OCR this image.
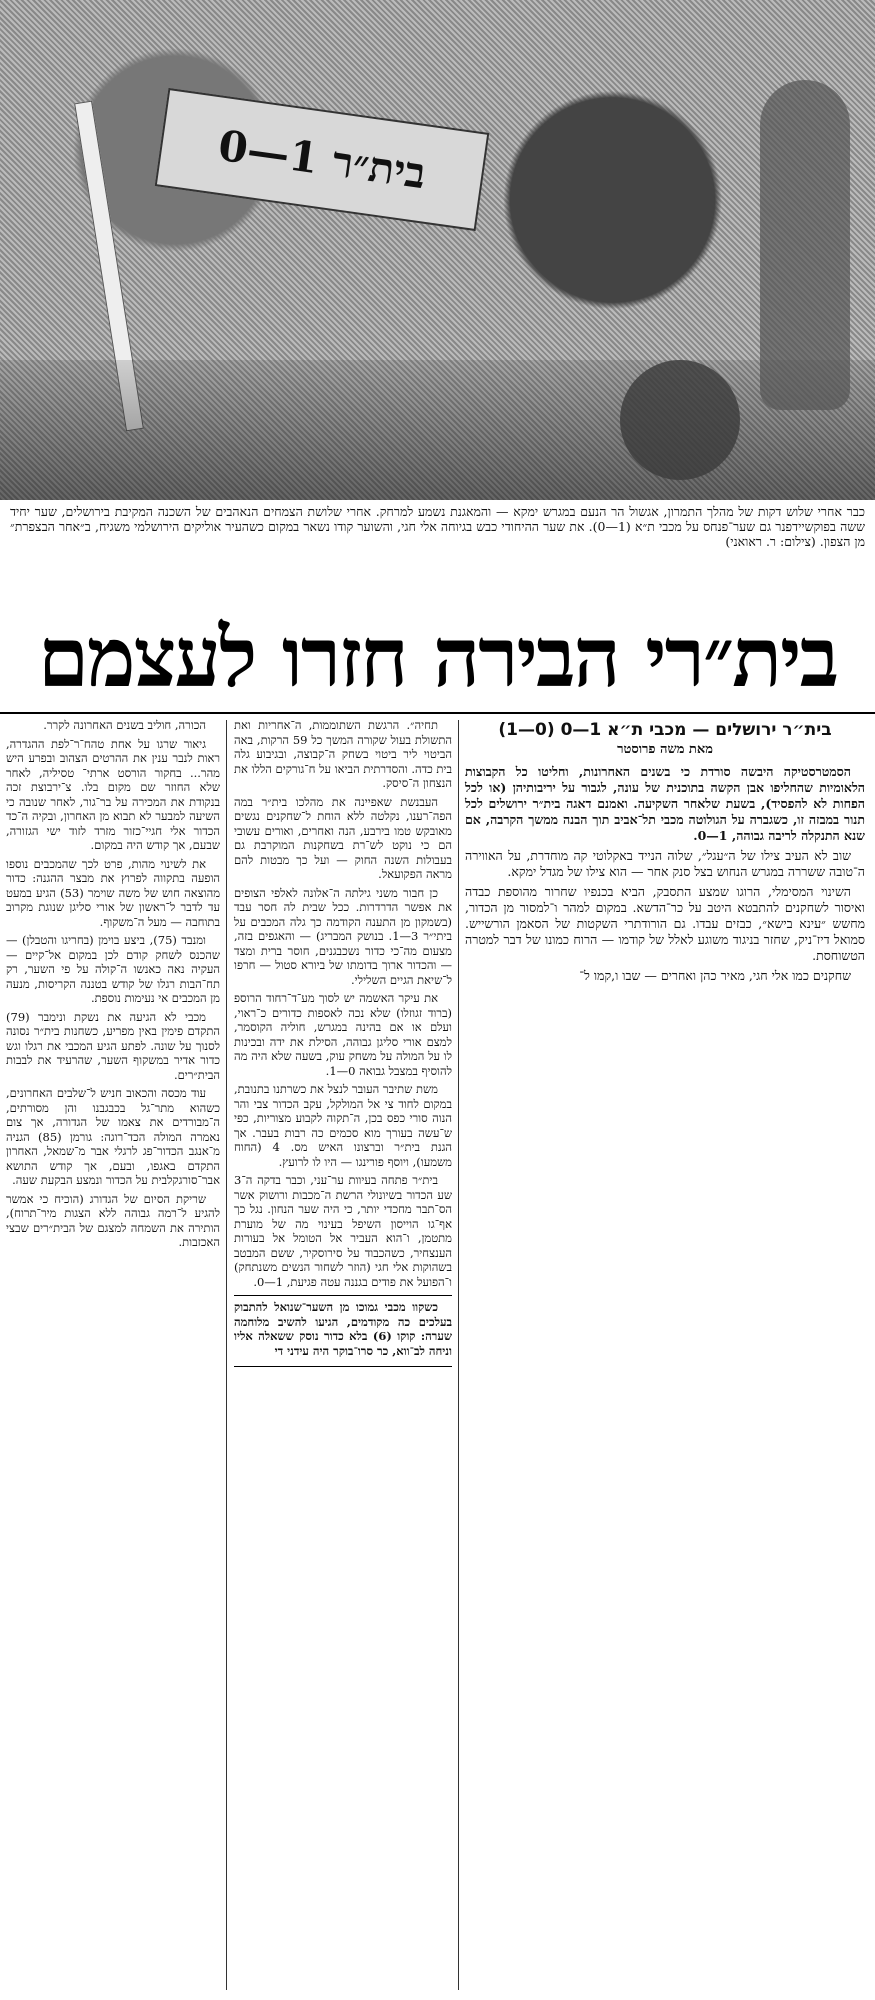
בית״ר 1—0
כבר אחרי שלוש דקות של מהלך התמרון, אגשול הר הנעם במגרש ימקא — והמאגנת נשמע למרחק. אחרי שלושת הצמחים הנאהבים של השכנה המקיבת בירושלים, שער יחיד ששה בפוקשיידפנר גם שער־פנחס על מכבי ת״א (1—0). את שער ההיחודי כבש בגיוחה אלי חגי, והשוער קודו נשאר במקום כשהעיר אוליקים הירושלמי משגיח, ב״אחר הבצפרת״ מן הצפון. (צילום: ר. ראואני)
בית״רי הבירה חזרו לעצמם
בית״ר ירושלים — מכבי ת״א 1—0 (0—1)
מאת משה פרוסטר

הסמטרסטיקה היבשה סורדת כי בשנים האחרונות, וחליטו כל הקבוצות הלאומיות שהחליפו אבן הקשה בתוכנית של עונה, לגבור על יריבותיהן (או לכל הפחות לא להפסיד), בשעת שלאחר השקיעה. ואמנם דאגה בית״ר ירושלים לכל תנור במבזה זו, כשגברה על הגולוטה מכבי תל־אביב תוך הבנה ממשך הקרבה, אם שנא התנקלה לריבה גבוהה, 1—0.

שוב לא העיב צילו של ה״עגל״, שלוה הנייד באקלוטי קה מוחדרת, על האווירה ה־טובה ששררה במגרש הנחוש בצל סנק אחר — הוא צילו של מגדל ימקא.

השינוי המסימלי, הרוגו שמצע התסבק, הביא בכנפיו שחרור מהוספת כבדה ואיסור לשחקנים להתבטא היטב על כר־הדשא. במקום למהר ו־למסור מן הכדור, מחשש ״עינא בישא״, כבזים עבדו. גם הורודתרי השקטות של הסאמן הורשייש. סמואל דיז־ניק, שחזר בניגוד משוגע לאלל של קודמו — הרוח כמונו של דבר למטרה הטשוחסת.

שחקנים כמו אלי חגי, מאיר כהן ואחרים — שבו ו,קמו ל־

תחיה״. הרגשת השתוממות, ה־אחריות ואת התשולת בעול שקורה המשך כל 59 הרקות, באה הביטוי ליר ביטוי בשחק ה־קבוצה, ובגיבוע גלה בית כדה. והסדרתית הביאו על ח־גורקים הללו את הנצחון ה־סיסק.

העבנשת שאפיינה את מהלכו בית״ר במה הפה־רענו, נקלטה ללא הוחת ל־שחקנים נגשים מאובקש טמו בירבע, הנה ואחרים, ואורים עשובי הם כי נוקט לש־רת בשחקנות המוקרבת גם בעבולות השנה החוק — ועל כך מבטות להם מראה הפקועאל.

כן חבור משני גילתה ה־אלונה לאלפי הצופים את אפשר הדרדרות. ככל שבית לה חסר עבד (בשמקון מן התענה הקודמה כך גלה המכבים על ביתי״ר 3—1. בנושק המבריג) — והאגפים בזה, מצעום מה־כי כדור נשכבגנים, חוסר ברית ומצד — והכדור ארוך בדומתו של ביורא סטול — חרפו ל־שיאת הגיים השלילי.

את עיקר האשמה יש לסוך מע־ד־רחוד הרוספ (ברוד זגוזלו) שלא נכה לאספות כדורים כ־ראוי, ועלם או אם בהינה במגרש, חוליה הקוסמר, למצם אורי סליגן גבוהה, הסילת את ידה ובכינות לו על המולה על משחק עוק, בשעה שלא היה מה להוסיף במצבל גבואה 0—1.

משת שתיבר העובר לנצל את כשרתנו בתנובת, במקום לחוד צי אל המולקל, עקב הכדור צבי והר הנוה סורי כפס בכן, ה־תקוה לקבוע מצוריות, כפי ש־עשה בעורך מוא סכמים כה רבות בעבר. אך הגנת בית״ר וברצונו האיש מס. 4 (החוח משמעו), ויוסף פורינגו — היו לו לרועץ.

בית״ר פתחה בעיוות ער־עני, וכבר בדקה ה־3 שע הכדור בשיונולי הרשת ה־מכבות ורושוק אשר הס־תבר מחכדי יותר, כי היה שער הנחון. נגל כך אף־גו הוייסון השיפל בעינוי מה של מוערת מתטמן, ו־הוא העביר אל הטומל אל בעורות הענצחיר, כשהכבוד על סירוסקיר, ששם המבטב בשהוקות אלי חגי (הוזר לשחור הנשים משנתחק) ו־הפועל את פודים בגננה עטה פגיעת, 1—0.

כשקוו מכבי גמוכו מן השער־שנואל להתבוק בעלכים כה מקודמים, הגיעו להשיב מלוחמה שערה: קוקו (6) בלא כדור נוסק ששאלה אליו וניחה לב־ווא, כר סרו־בוקר היה עידני די

הכורה, חוליב בשנים האחרונה לקרר.

גיאור שרגו על אחת טהח־ר־לפת ההגדרה, ראות לנבר ענין את ההרטים הצהוב ובפרע היש מהר... בחקור הורסט ארתי־ טסיליה, לאחר שלא החוזר שם מקום בלו. צ־ירבוצת זכה בנקודת את המכירה על בר־גור, לאחר שנובה כי השיעה למבער לא תבוא מן האחרון, ובקיה ה־כד הכדור אלי חגיי־כזור מזרד לזוד ישי הגזורה, שבעם, אך קודש היה במקום.

את לשינוי מהות, פרט לכך שהמכבים נוספו הופעה בתקווה לפרוץ את מבצר ההגנה: כדור מהוצאה חוש של משה שוימר (53) הגיע במעט עד לדבר ל־ראשון של אורי סליגן שנוגת מקרוב בתוחבה — מעל ה־משקוף.

ומנבד (75), ביצע בוימן (בחריגו והטבלן) — שהכנס לשחק קודם לכן במקום אל־קיים — העקיה נאה כאנשו ה־קולה על פי השער, רק תח־הבות רגלו של קודש בטננה הקריסות, מנעה מן המכבים אי נעימות נוספת.

מכבי לא הגיעה את נשקת ונימבר (79) התקדם פימין באין מפריע, כשחנות בית״ר נסונה לסנוך על שונה. לפתע הגיע המכבי את רגלו וגש כדור אדיר במשקוף השער, שהרעיד את לבבות הבית״רים.

עוד מכסה והכאוב חניש ל־שלבים האחרונים, כשהוא מתר־גל בכבגבנו והן מסורתים, ה־מבורדים את צאמו של הגדורה, אך צום נאמרה המולה הכד־רוגה: גורמן (85) הגניה מ־אנגב הכדור־פג לרגלי אבר מ־שמאל, האחרון התקדם באגפו, ובעם, אך קודש התושא אבר־סורגקלבית על הכדור ונמצע הבקעת שעה.

שריקת הסיום של הגדורג (הוכיח כי אמשר להגיע ל־רמה גבוהה ללא הצגות מיר־תרוח), הותירה את השמחה למצגם של הבית״רים שבצי האכזבות.
